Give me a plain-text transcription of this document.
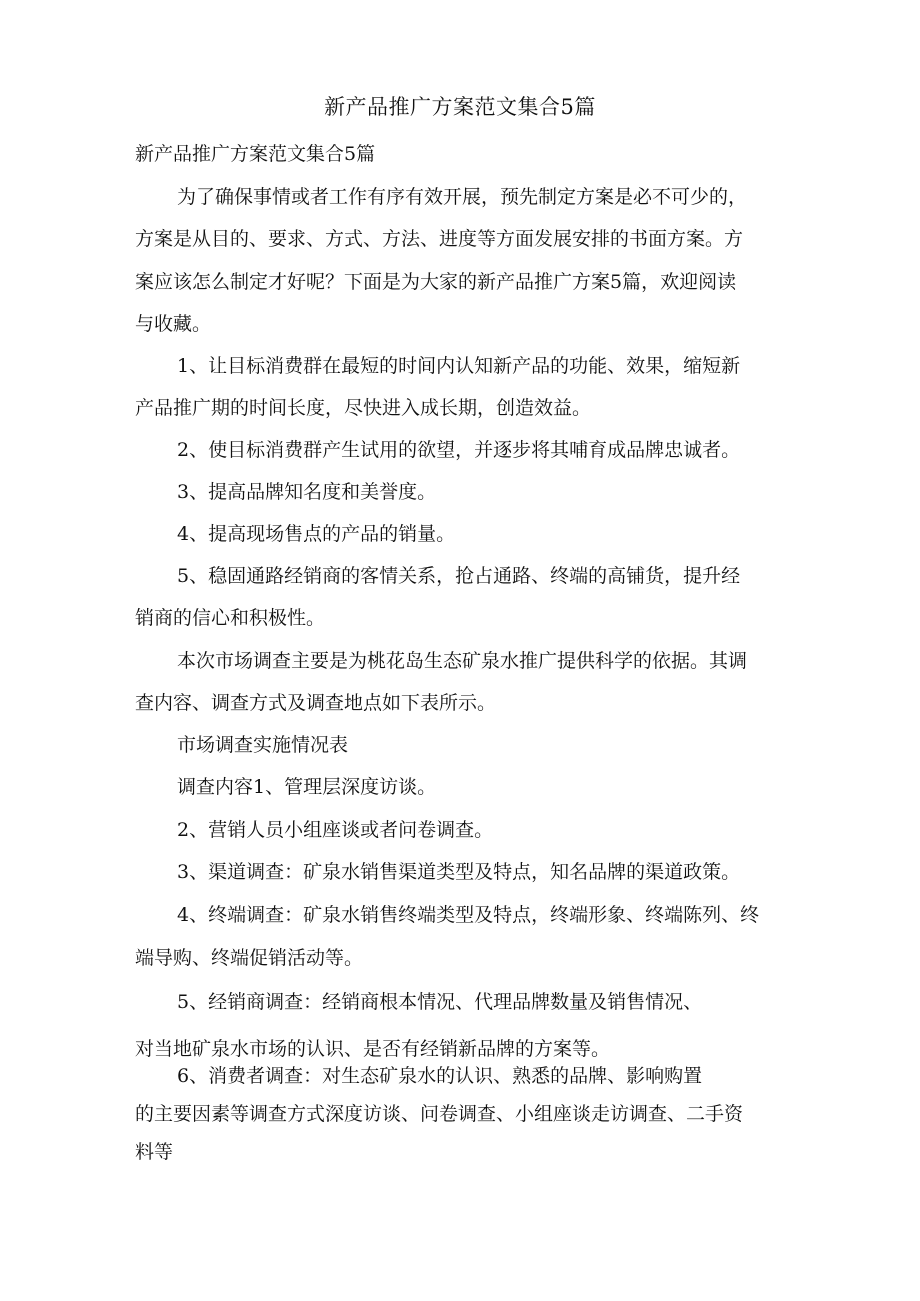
新产品推广方案范文集合5篇
新产品推广方案范文集合5篇
为了确保事情或者工作有序有效开展，预先制定方案是必不可少的，
方案是从目的、要求、方式、方法、进度等方面发展安排的书面方案。方
案应该怎么制定才好呢？下面是为大家的新产品推广方案5篇，欢迎阅读
与收藏。
1、让目标消费群在最短的时间内认知新产品的功能、效果，缩短新
产品推广期的时间长度，尽快进入成长期，创造效益。
2、使目标消费群产生试用的欲望，并逐步将其哺育成品牌忠诚者。
3、提高品牌知名度和美誉度。
4、提高现场售点的产品的销量。
5、稳固通路经销商的客情关系，抢占通路、终端的高铺货，提升经
销商的信心和积极性。
本次市场调查主要是为桃花岛生态矿泉水推广提供科学的依据。其调
查内容、调查方式及调查地点如下表所示。
市场调查实施情况表
调查内容1、管理层深度访谈。
2、营销人员小组座谈或者问卷调查。
3、渠道调查：矿泉水销售渠道类型及特点，知名品牌的渠道政策。
4、终端调查：矿泉水销售终端类型及特点，终端形象、终端陈列、终
端导购、终端促销活动等。
5、经销商调查：经销商根本情况、代理品牌数量及销售情况、
对当地矿泉水市场的认识、是否有经销新品牌的方案等。
6、消费者调查：对生态矿泉水的认识、熟悉的品牌、影响购置
的主要因素等调查方式深度访谈、问卷调查、小组座谈走访调查、二手资
料等
